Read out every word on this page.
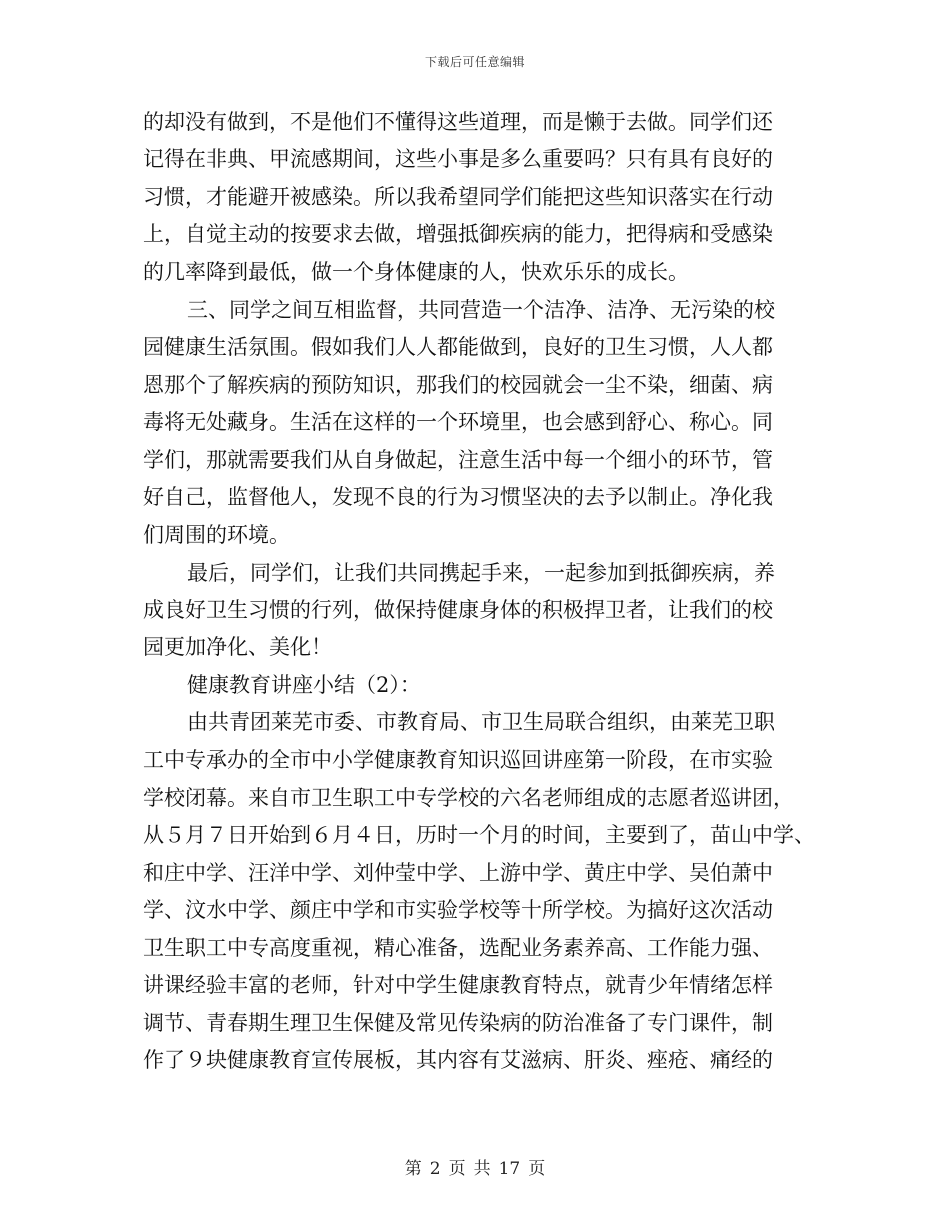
下载后可任意编辑
的却没有做到，不是他们不懂得这些道理，而是懒于去做。同学们还
记得在非典、甲流感期间，这些小事是多么重要吗？只有具有良好的
习惯，才能避开被感染。所以我希望同学们能把这些知识落实在行动
上，自觉主动的按要求去做，增强抵御疾病的能力，把得病和受感染
的几率降到最低，做一个身体健康的人，快欢乐乐的成长。
三、同学之间互相监督，共同营造一个洁净、洁净、无污染的校
园健康生活氛围。假如我们人人都能做到，良好的卫生习惯，人人都
恩那个了解疾病的预防知识，那我们的校园就会一尘不染，细菌、病
毒将无处藏身。生活在这样的一个环境里，也会感到舒心、称心。同
学们，那就需要我们从自身做起，注意生活中每一个细小的环节，管
好自己，监督他人，发现不良的行为习惯坚决的去予以制止。净化我
们周围的环境。
最后，同学们，让我们共同携起手来，一起参加到抵御疾病，养
成良好卫生习惯的行列，做保持健康身体的积极捍卫者，让我们的校
园更加净化、美化！
健康教育讲座小结（2）：
由共青团莱芜市委、市教育局、市卫生局联合组织，由莱芜卫职
工中专承办的全市中小学健康教育知识巡回讲座第一阶段，在市实验
学校闭幕。来自市卫生职工中专学校的六名老师组成的志愿者巡讲团，
从５月７日开始到６月４日，历时一个月的时间，主要到了，苗山中学、
和庄中学、汪洋中学、刘仲莹中学、上游中学、黄庄中学、吴伯萧中
学、汶水中学、颜庄中学和市实验学校等十所学校。为搞好这次活动
卫生职工中专高度重视，精心准备，选配业务素养高、工作能力强、
讲课经验丰富的老师，针对中学生健康教育特点，就青少年情绪怎样
调节、青春期生理卫生保健及常见传染病的防治准备了专门课件，制
作了９块健康教育宣传展板，其内容有艾滋病、肝炎、痤疮、痛经的
第 2 页 共 17 页
